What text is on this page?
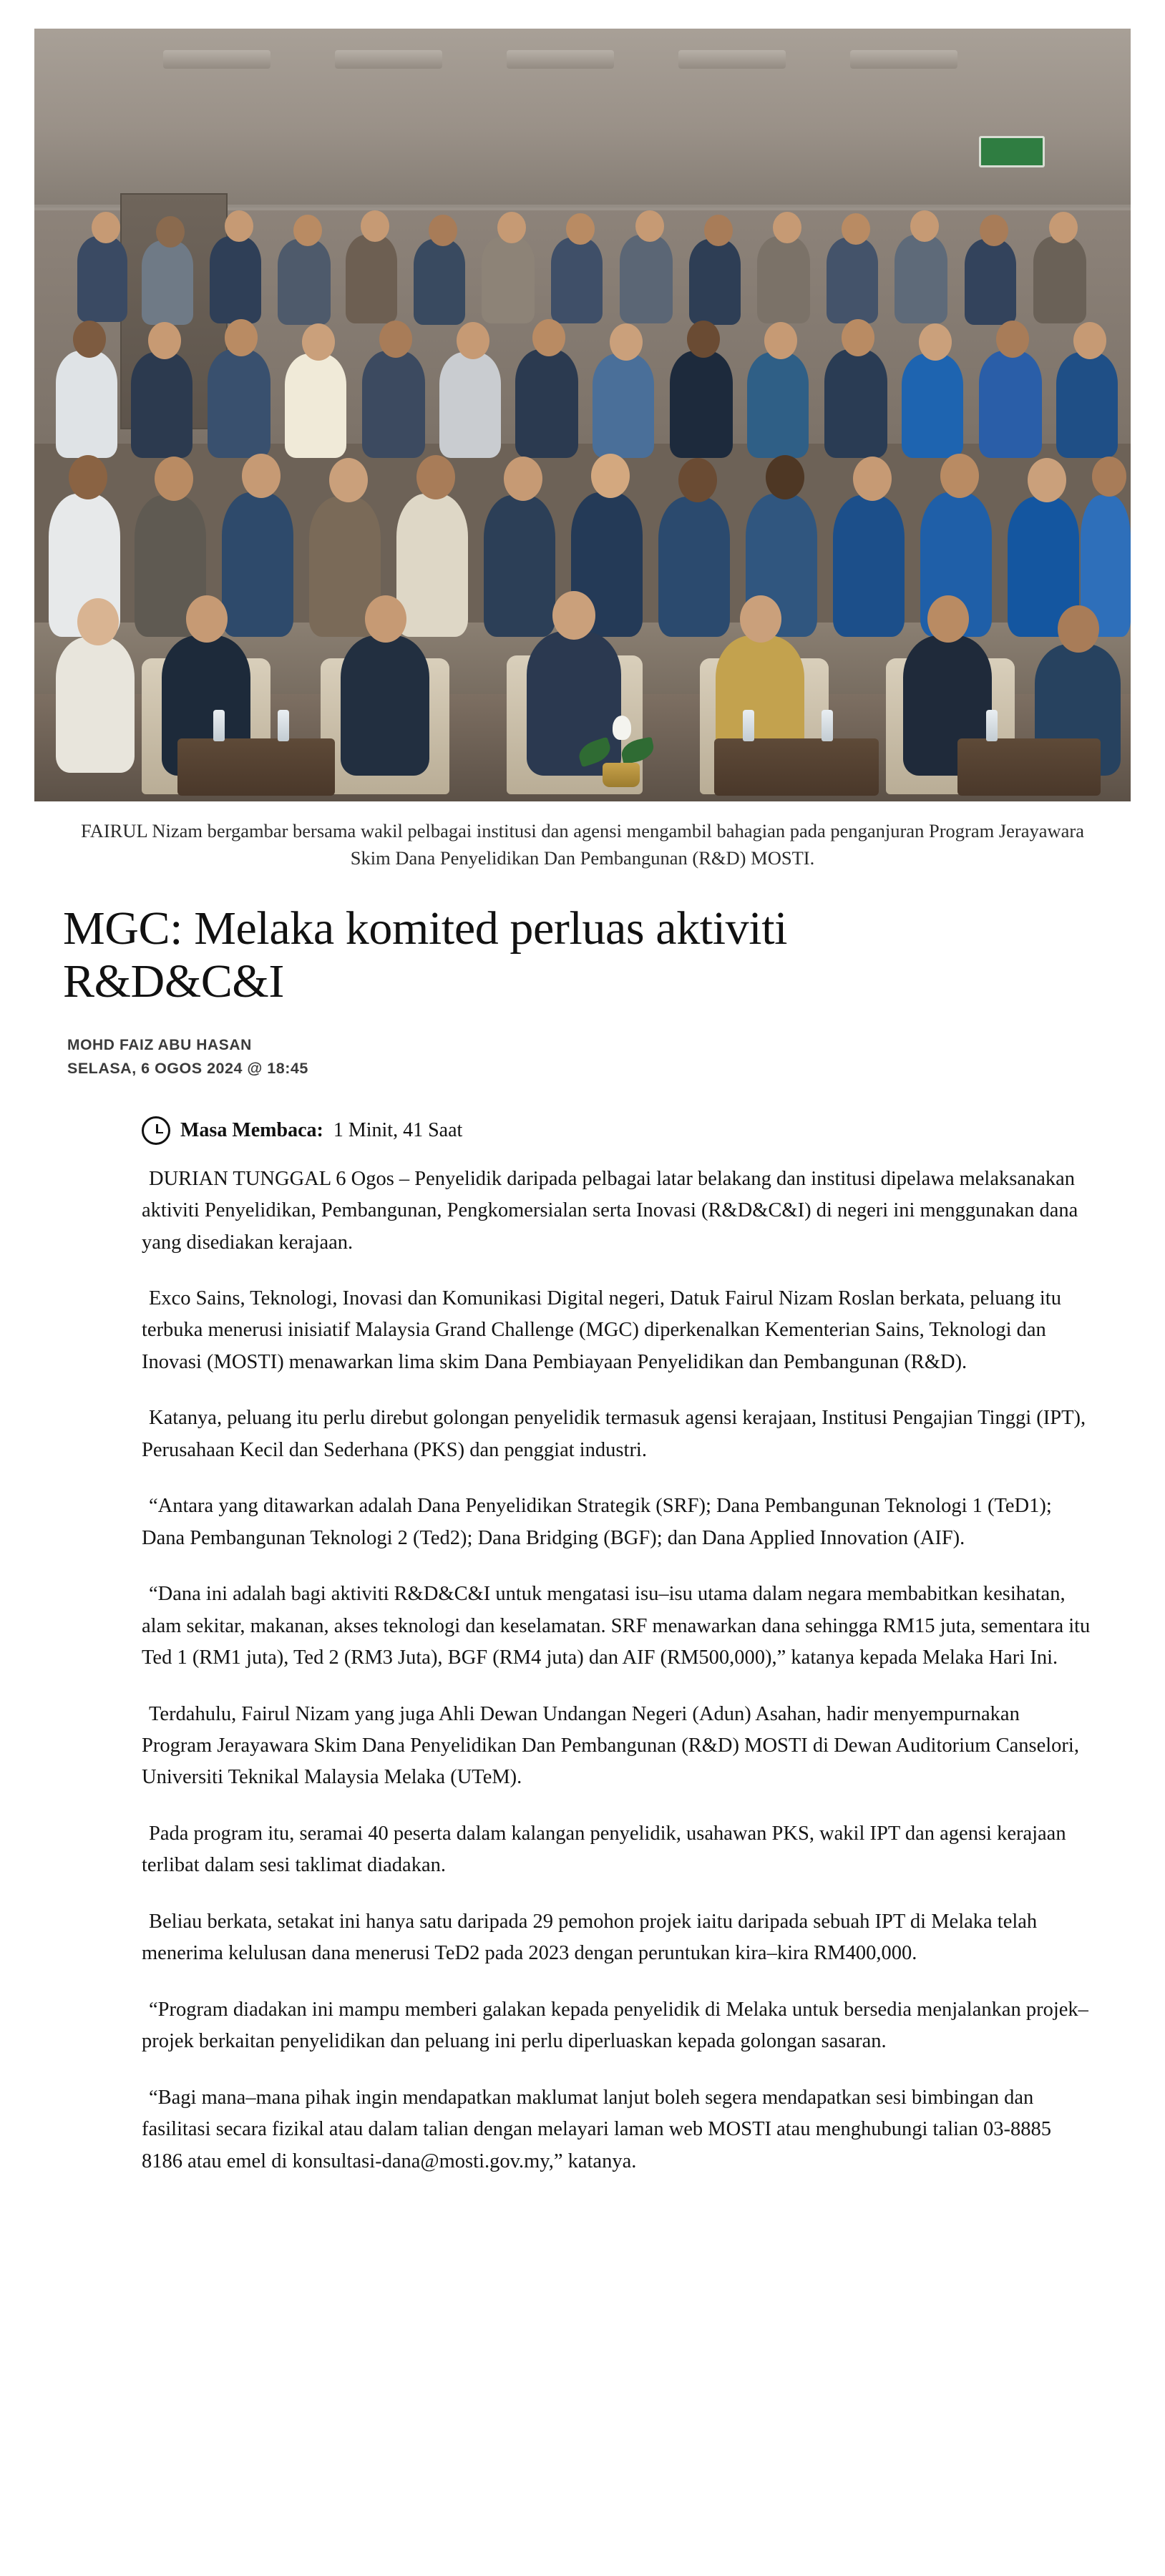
FAIRUL Nizam bergambar bersama wakil pelbagai institusi dan agensi mengambil bahagian pada penganjuran Program Jerayawara Skim Dana Penyelidikan Dan Pembangunan (R&D) MOSTI.
MGC: Melaka komited perluas aktiviti R&D&C&I
MOHD FAIZ ABU HASAN
SELASA, 6 OGOS 2024 @ 18:45
Masa Membaca: 1 Minit, 41 Saat

DURIAN TUNGGAL 6 Ogos – Penyelidik daripada pelbagai latar belakang dan institusi dipelawa melaksanakan aktiviti Penyelidikan, Pembangunan, Pengkomersialan serta Inovasi (R&D&C&I) di negeri ini menggunakan dana yang disediakan kerajaan.

Exco Sains, Teknologi, Inovasi dan Komunikasi Digital negeri, Datuk Fairul Nizam Roslan berkata, peluang itu terbuka menerusi inisiatif Malaysia Grand Challenge (MGC) diperkenalkan Kementerian Sains, Teknologi dan Inovasi (MOSTI) menawarkan lima skim Dana Pembiayaan Penyelidikan dan Pembangunan (R&D).

Katanya, peluang itu perlu direbut golongan penyelidik termasuk agensi kerajaan, Institusi Pengajian Tinggi (IPT), Perusahaan Kecil dan Sederhana (PKS) dan penggiat industri.

“Antara yang ditawarkan adalah Dana Penyelidikan Strategik (SRF); Dana Pembangunan Teknologi 1 (TeD1); Dana Pembangunan Teknologi 2 (Ted2); Dana Bridging (BGF); dan Dana Applied Innovation (AIF).

“Dana ini adalah bagi aktiviti R&D&C&I untuk mengatasi isu–isu utama dalam negara membabitkan kesihatan, alam sekitar, makanan, akses teknologi dan keselamatan. SRF menawarkan dana sehingga RM15 juta, sementara itu Ted 1 (RM1 juta), Ted 2 (RM3 Juta), BGF (RM4 juta) dan AIF (RM500,000),” katanya kepada Melaka Hari Ini.

Terdahulu, Fairul Nizam yang juga Ahli Dewan Undangan Negeri (Adun) Asahan, hadir menyempurnakan Program Jerayawara Skim Dana Penyelidikan Dan Pembangunan (R&D) MOSTI di Dewan Auditorium Canselori, Universiti Teknikal Malaysia Melaka (UTeM).

Pada program itu, seramai 40 peserta dalam kalangan penyelidik, usahawan PKS, wakil IPT dan agensi kerajaan terlibat dalam sesi taklimat diadakan.

Beliau berkata, setakat ini hanya satu daripada 29 pemohon projek iaitu daripada sebuah IPT di Melaka telah menerima kelulusan dana menerusi TeD2 pada 2023 dengan peruntukan kira–kira RM400,000.

“Program diadakan ini mampu memberi galakan kepada penyelidik di Melaka untuk bersedia menjalankan projek–projek berkaitan penyelidikan dan peluang ini perlu diperluaskan kepada golongan sasaran.

“Bagi mana–mana pihak ingin mendapatkan maklumat lanjut boleh segera mendapatkan sesi bimbingan dan fasilitasi secara fizikal atau dalam talian dengan melayari laman web MOSTI atau menghubungi talian 03-8885 8186 atau emel di konsultasi-dana@mosti.gov.my,” katanya.
